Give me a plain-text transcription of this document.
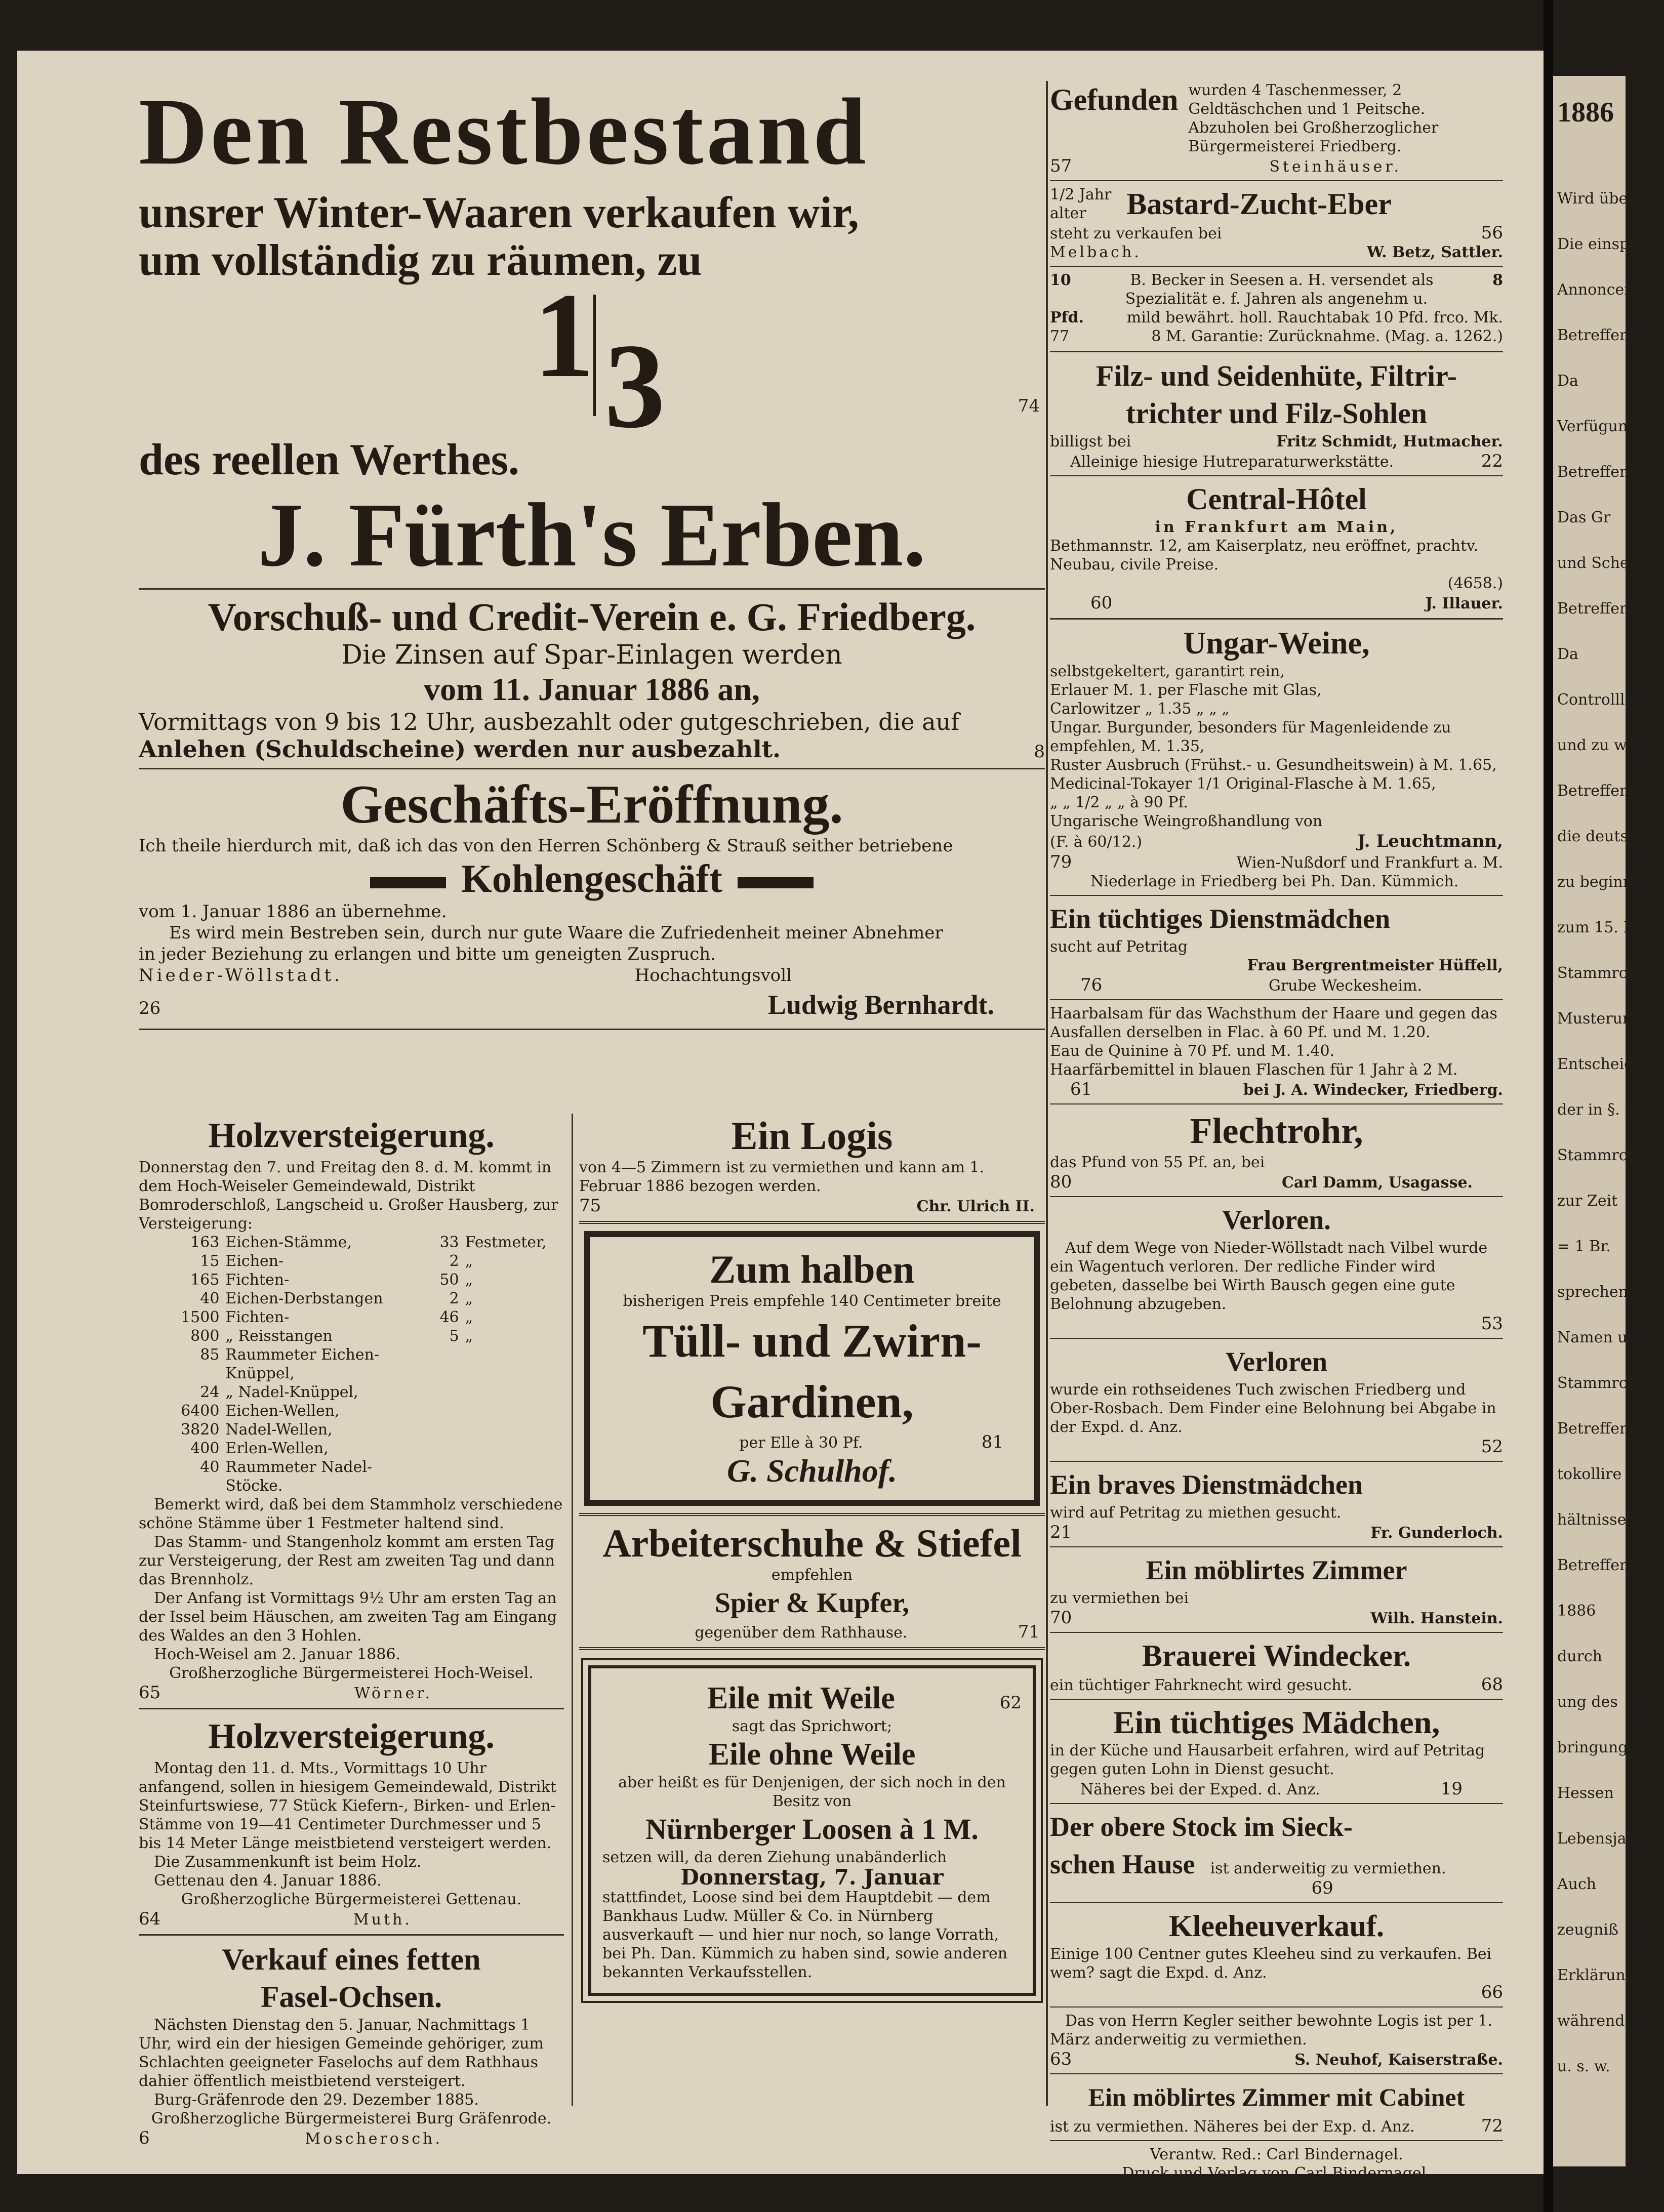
Den Restbestand

unsrer Winter-Waaren verkaufen wir,

um vollständig zu räumen, zu

1 3	74

des reellen Werthes.

J. Fürth's Erben.

Vorschuß- und Credit-Verein e. G. Friedberg.

Die Zinsen auf Spar-Einlagen werden

vom 11. Januar 1886 an,

Vormittags von 9 bis 12 Uhr, ausbezahlt oder gutgeschrieben, die auf

Anlehen (Schuldscheine) werden nur ausbezahlt.	8

Geschäfts-Eröffnung.

Ich theile hierdurch mit, daß ich das von den Herren Schönberg & Strauß seither betriebene

Kohlengeschäft

vom 1. Januar 1886 an übernehme.

Es wird mein Bestreben sein, durch nur gute Waare die Zufriedenheit meiner Abnehmer

in jeder Beziehung zu erlangen und bitte um geneigten Zuspruch.

Nieder-Wöllstadt.	Hochachtungsvoll

26	Ludwig Bernhardt.

Holzversteigerung.

Donnerstag den 7. und Freitag den 8. d. M. kommt in dem Hoch-Weiseler Gemeindewald, Distrikt Bomroderschloß, Langscheid u. Großer Hausberg, zur Versteigerung:

163 Eichen-Stämme,	33 Festmeter,
15 Eichen-	2 „
165 Fichten-	50 „
40 Eichen-Derbstangen	2 „
1500 Fichten-	46 „
800 „ Reisstangen	5 „
85 Raummeter Eichen-Knüppel,
24 „ Nadel-Knüppel,
6400 Eichen-Wellen,
3820 Nadel-Wellen,
400 Erlen-Wellen,
40 Raummeter Nadel-Stöcke.

Bemerkt wird, daß bei dem Stammholz verschiedene schöne Stämme über 1 Festmeter haltend sind.

Das Stamm- und Stangenholz kommt am ersten Tag zur Versteigerung, der Rest am zweiten Tag und dann das Brennholz.

Der Anfang ist Vormittags 9½ Uhr am ersten Tag an der Issel beim Häuschen, am zweiten Tag am Eingang des Waldes an den 3 Hohlen.

Hoch-Weisel am 2. Januar 1886.

Großherzogliche Bürgermeisterei Hoch-Weisel.

65	Wörner.

Holzversteigerung.

Montag den 11. d. Mts., Vormittags 10 Uhr anfangend, sollen in hiesigem Gemeindewald, Distrikt Steinfurtswiese, 77 Stück Kiefern-, Birken- und Erlen-Stämme von 19—41 Centimeter Durchmesser und 5 bis 14 Meter Länge meistbietend versteigert werden.

Die Zusammenkunft ist beim Holz.

Gettenau den 4. Januar 1886.

Großherzogliche Bürgermeisterei Gettenau.

64	Muth.

Verkauf eines fetten

Fasel-Ochsen.

Nächsten Dienstag den 5. Januar, Nachmittags 1 Uhr, wird ein der hiesigen Gemeinde gehöriger, zum Schlachten geeigneter Faselochs auf dem Rathhaus dahier öffentlich meistbietend versteigert.

Burg-Gräfenrode den 29. Dezember 1885.

Großherzogliche Bürgermeisterei Burg Gräfenrode.

6	Moscherosch.

Ein Logis

von 4—5 Zimmern ist zu vermiethen und kann am 1. Februar 1886 bezogen werden.

75	Chr. Ulrich II.

Zum halben

bisherigen Preis empfehle 140 Centimeter breite

Tüll- und Zwirn-

Gardinen,

per Elle à 30 Pf.	81

G. Schulhof.

Arbeiterschuhe & Stiefel

empfehlen

Spier & Kupfer,

gegenüber dem Rathhause.	71

Eile mit Weile	62

sagt das Sprichwort;

Eile ohne Weile

aber heißt es für Denjenigen, der sich noch in den Besitz von

Nürnberger Loosen à 1 M.

setzen will, da deren Ziehung unabänderlich

Donnerstag, 7. Januar

stattfindet, Loose sind bei dem Hauptdebit — dem Bankhaus Ludw. Müller & Co. in Nürnberg ausverkauft — und hier nur noch, so lange Vorrath, bei Ph. Dan. Kümmich zu haben sind, sowie anderen bekannten Verkaufsstellen.

Gefunden wurden 4 Taschenmesser, 2 Geldtäschchen und 1 Peitsche. Abzuholen bei Großherzoglicher Bürgermeisterei Friedberg.

57	Steinhäuser.

1/2 Jahr

alter	Bastard-Zucht-Eber

steht zu verkaufen bei	56

Melbach.	W. Betz, Sattler.

10	B. Becker in Seesen a. H. versendet als	8

Spezialität e. f. Jahren als angenehm u.

Pfd.	mild bewährt. holl. Rauchtabak 10 Pfd. frco. Mk.

77	8 M. Garantie: Zurücknahme. (Mag. a. 1262.)

Filz- und Seidenhüte, Filtrir-

trichter und Filz-Sohlen

billigst bei	Fritz Schmidt, Hutmacher.

Alleinige hiesige Hutreparaturwerkstätte.	22

Central-Hôtel

in Frankfurt am Main,

Bethmannstr. 12, am Kaiserplatz, neu eröffnet, prachtv. Neubau, civile Preise.

(4658.)

60	J. Illauer.

Ungar-Weine,

selbstgekeltert, garantirt rein,

Erlauer M. 1. per Flasche mit Glas,

Carlowitzer „ 1.35 „ „ „

Ungar. Burgunder, besonders für Magenleidende zu empfehlen, M. 1.35,

Ruster Ausbruch (Frühst.- u. Gesundheitswein) à M. 1.65,

Medicinal-Tokayer 1/1 Original-Flasche à M. 1.65,

„ „ 1/2 „ „ à 90 Pf.

Ungarische Weingroßhandlung von

(F. à 60/12.)	J. Leuchtmann,

79	Wien-Nußdorf und Frankfurt a. M.

Niederlage in Friedberg bei Ph. Dan. Kümmich.

Ein tüchtiges Dienstmädchen

sucht auf Petritag

Frau Bergrentmeister Hüffell,

76	Grube Weckesheim.

Haarbalsam für das Wachsthum der Haare und gegen das Ausfallen derselben in Flac. à 60 Pf. und M. 1.20.

Eau de Quinine à 70 Pf. und M. 1.40.

Haarfärbemittel in blauen Flaschen für 1 Jahr à 2 M.

61	bei J. A. Windecker, Friedberg.

Flechtrohr,

das Pfund von 55 Pf. an, bei

80	Carl Damm, Usagasse.

Verloren.

Auf dem Wege von Nieder-Wöllstadt nach Vilbel wurde ein Wagentuch verloren. Der redliche Finder wird gebeten, dasselbe bei Wirth Bausch gegen eine gute Belohnung abzugeben.

53

Verloren

wurde ein rothseidenes Tuch zwischen Friedberg und Ober-Rosbach. Dem Finder eine Belohnung bei Abgabe in der Expd. d. Anz.

52

Ein braves Dienstmädchen

wird auf Petritag zu miethen gesucht.

21	Fr. Gunderloch.

Ein möblirtes Zimmer

zu vermiethen bei

70	Wilh. Hanstein.

Brauerei Windecker.

ein tüchtiger Fahrknecht wird gesucht.	68

Ein tüchtiges Mädchen,

in der Küche und Hausarbeit erfahren, wird auf Petritag gegen guten Lohn in Dienst gesucht.

Näheres bei der Exped. d. Anz.	19

Der obere Stock im Sieck-

schen Hause ist anderweitig zu vermiethen.

69

Kleeheuverkauf.

Einige 100 Centner gutes Kleeheu sind zu verkaufen. Bei wem? sagt die Expd. d. Anz.

66

Das von Herrn Kegler seither bewohnte Logis ist per 1. März anderweitig zu vermiethen.

63	S. Neuhof, Kaiserstraße.

Ein möblirtes Zimmer mit Cabinet

ist zu vermiethen. Näheres bei der Exp. d. Anz.	72

Verantw. Red.: Carl Bindernagel.

Druck und Verlag von Carl Bindernagel.

1886

Wird über

Die einspaltig

Annoncen

Betreffend

Da

Verfügung

Betreffend

Das Gr

und Schei

Betreffend

Da

Controllliste

und zu we

Betreffend

die deutsch

zu beginne

zum 15. F

Stammroll

Musterung

Entscheidun

der in §. 2

Stammrol

zur Zeit

= 1 Br.

sprechende

Namen un

Stammroll

Betreffend

tokollire

hältnissen

Betreffend

1886

durch

ung des

bringung

Hessen

Lebensjahr

Auch

zeugniß

Erklärung

während

u. s. w.
